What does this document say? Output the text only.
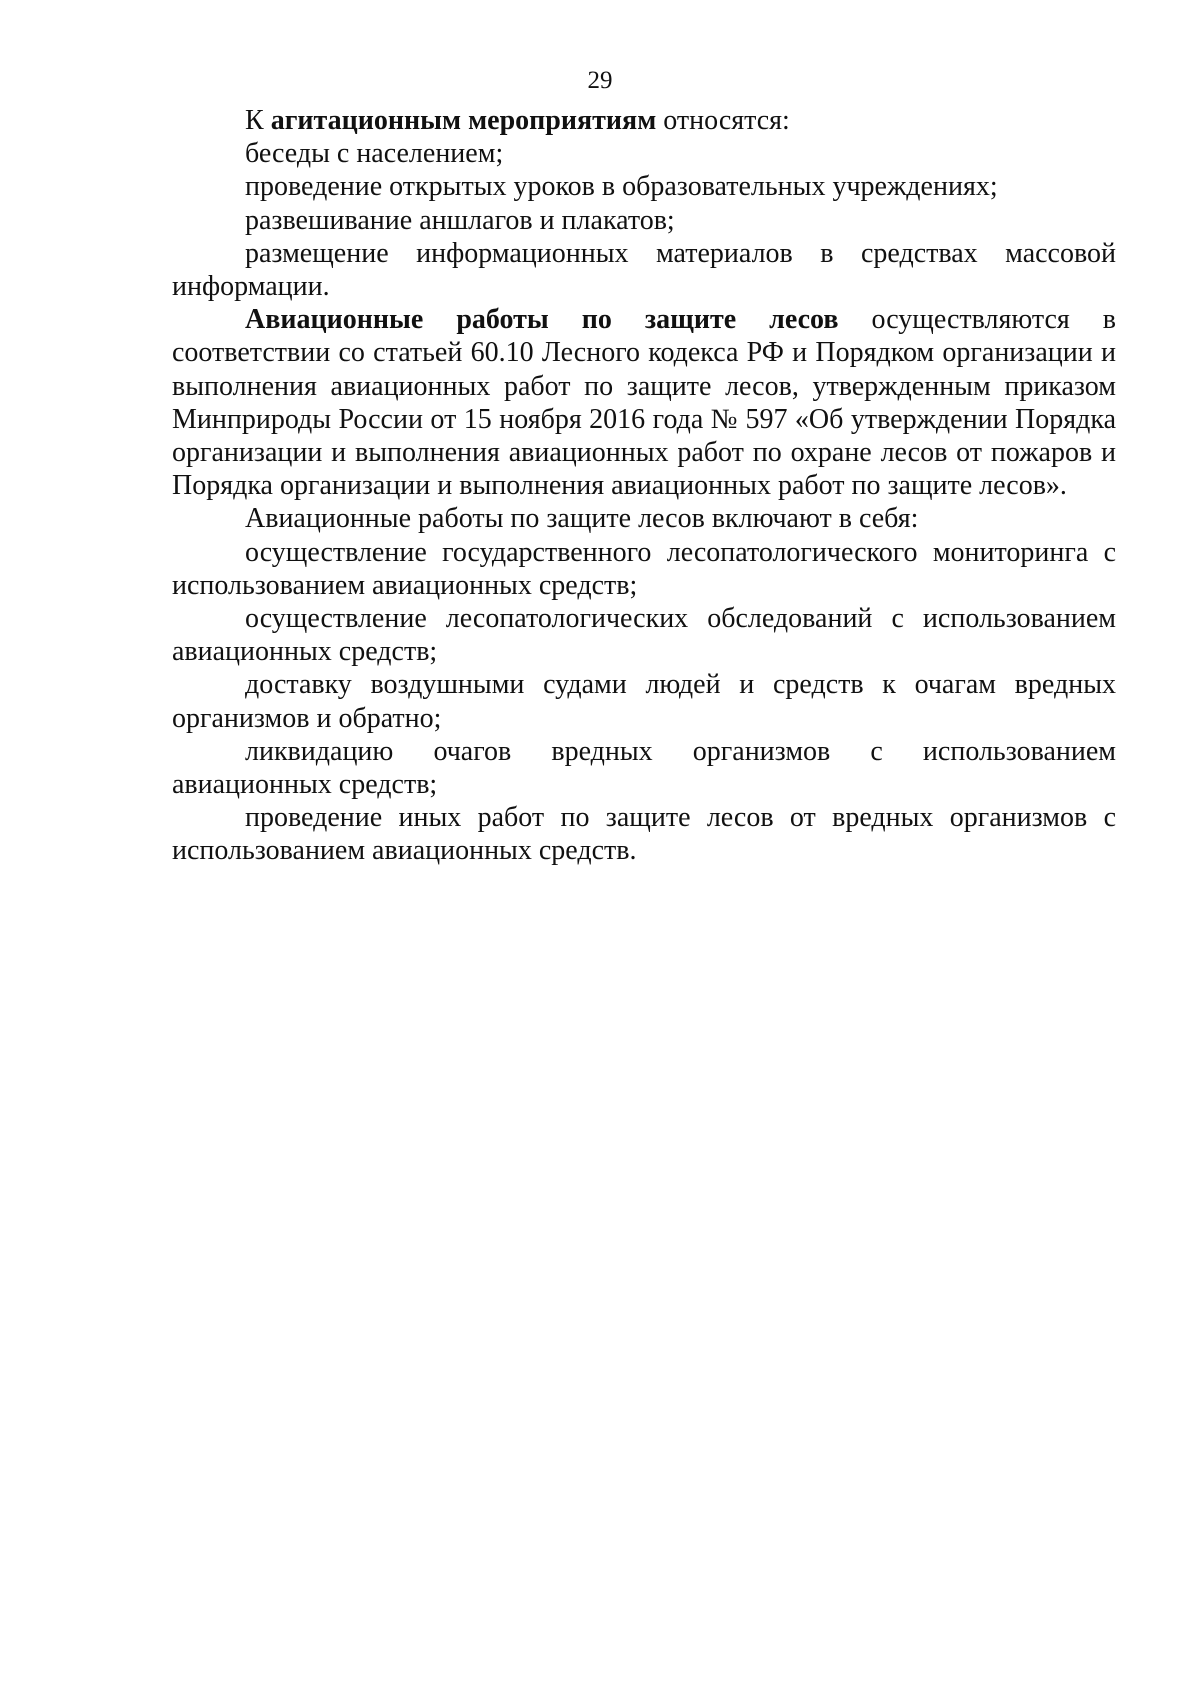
29

К агитационным мероприятиям относятся:

беседы с населением;

проведение открытых уроков в образовательных учреждениях;

развешивание аншлагов и плакатов;

размещение информационных материалов в средствах массовой информации.

Авиационные работы по защите лесов осуществляются в соответствии со статьей 60.10 Лесного кодекса РФ и Порядком организации и выполнения авиационных работ по защите лесов, утвержденным приказом Минприроды России от 15 ноября 2016 года № 597 «Об утверждении Порядка организации и выполнения авиационных работ по охране лесов от пожаров и Порядка организации и выполнения авиационных работ по защите лесов».

Авиационные работы по защите лесов включают в себя:

осуществление государственного лесопатологического мониторинга с использованием авиационных средств;

осуществление лесопатологических обследований с использованием авиационных средств;

доставку воздушными судами людей и средств к очагам вредных организмов и обратно;

ликвидацию очагов вредных организмов с использованием авиационных средств;

проведение иных работ по защите лесов от вредных организмов с использованием авиационных средств.
